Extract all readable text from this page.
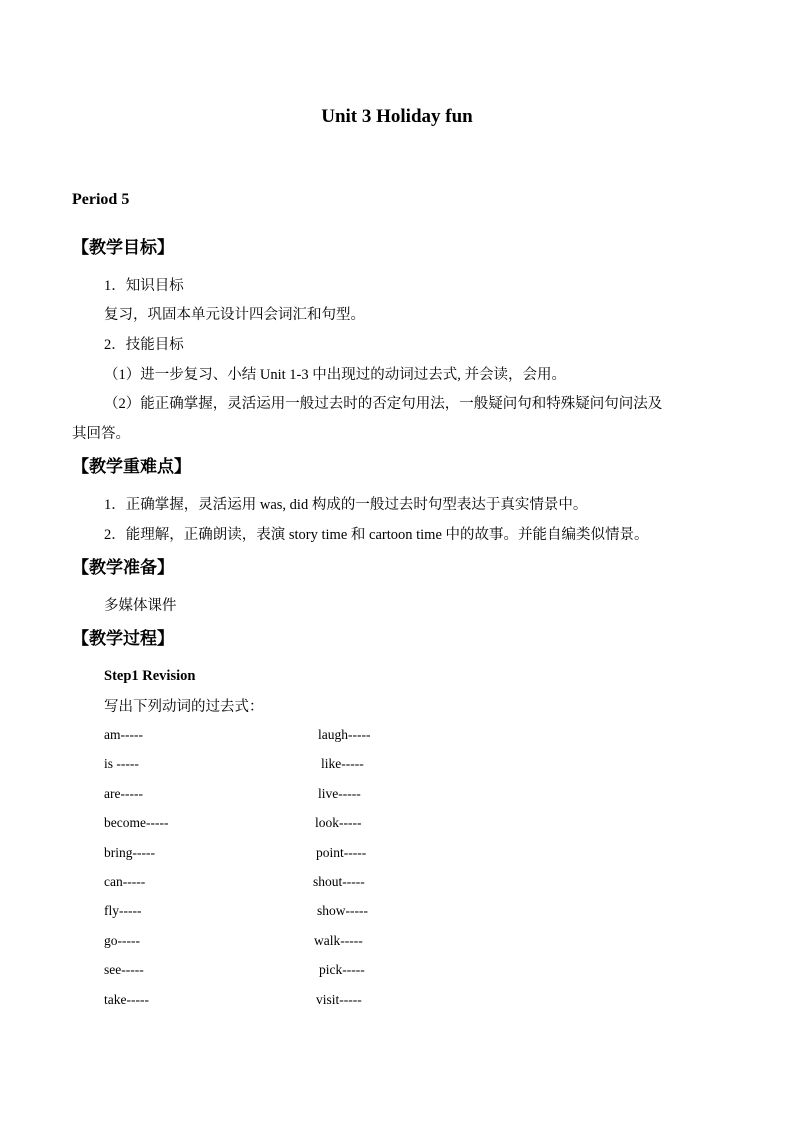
Unit 3 Holiday fun
Period 5
【教学目标】
1．知识目标
复习，巩固本单元设计四会词汇和句型。
2．技能目标
（1）进一步复习、小结 Unit 1-3 中出现过的动词过去式, 并会读，会用。
（2）能正确掌握，灵活运用一般过去时的否定句用法，一般疑问句和特殊疑问句问法及
其回答。
【教学重难点】
1．正确掌握，灵活运用 was, did 构成的一般过去时句型表达于真实情景中。
2．能理解，正确朗读，表演 story time 和 cartoon time 中的故事。并能自编类似情景。
【教学准备】
多媒体课件
【教学过程】
Step1 Revision
写出下列动词的过去式：
am-----
is -----
are-----
become-----
bring-----
can-----
fly-----
go-----
see-----
take-----
laugh-----
like-----
live-----
look-----
point-----
shout-----
show-----
walk-----
pick-----
visit-----
